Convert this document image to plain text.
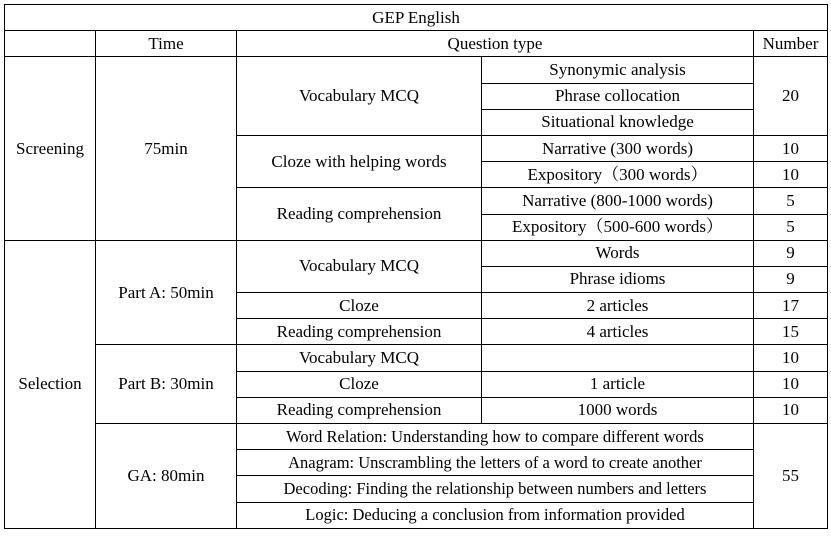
GEP English				
	Time	Question type		Number
Screening	75min	Vocabulary MCQ	Synonymic analysis	20
			Phrase collocation	
			Situational knowledge	
		Cloze with helping words	Narrative (300 words)	10
			Expository（300 words）	10
		Reading comprehension	Narrative (800-1000 words)	5
			Expository（500-600 words）	5
Selection	Part A: 50min	Vocabulary MCQ	Words	9
			Phrase idioms	9
		Cloze	2 articles	17
		Reading comprehension	4 articles	15
	Part B: 30min	Vocabulary MCQ		10
		Cloze	1 article	10
		Reading comprehension	1000 words	10
	GA: 80min	Word Relation: Understanding how to compare different words		55
		Anagram: Unscrambling the letters of a word to create another		
		Decoding: Finding the relationship between numbers and letters		
		Logic: Deducing a conclusion from information provided		
